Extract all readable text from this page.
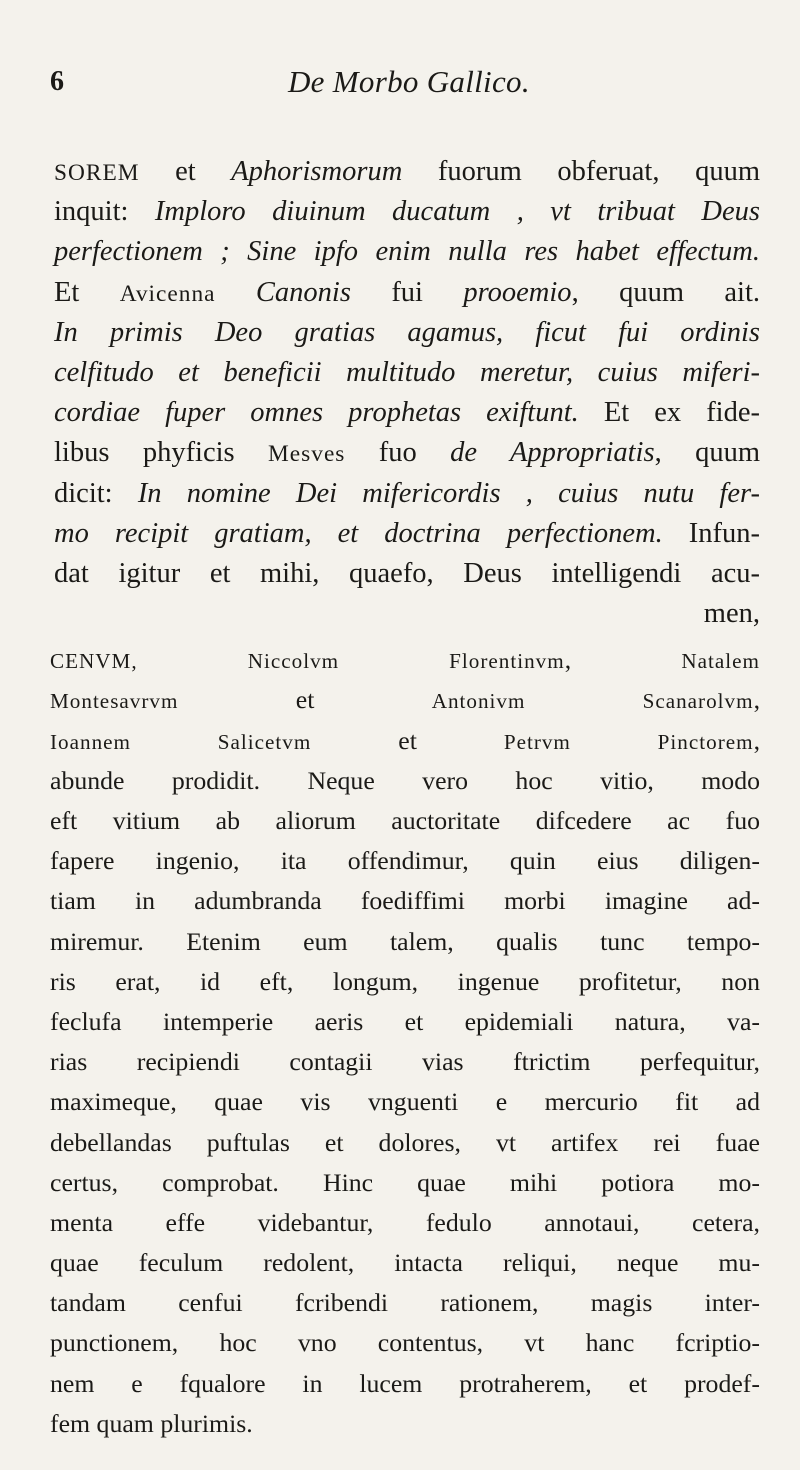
6	De Morbo Gallico.
SOREM et Aphorismorum fuorum obferuat, quum
inquit: Imploro diuinum ducatum , vt tribuat Deus
perfectionem ; Sine ipfo enim nulla res habet effectum.
Et Avicenna Canonis fui prooemio, quum ait.
In primis Deo gratias agamus, ficut fui ordinis
celfitudo et beneficii multitudo meretur, cuius miferi-
cordiae fuper omnes prophetas exiftunt. Et ex fide-
libus phyficis Mesves fuo de Appropriatis, quum
dicit: In nomine Dei mifericordis , cuius nutu fer-
mo recipit gratiam, et doctrina perfectionem. Infun-
dat igitur et mihi, quaefo, Deus intelligendi acu-
men,
CENVM, Niccolvm Florentinvm, Natalem
Montesavrvm et Antonivm Scanarolvm,
Ioannem Salicetvm et Petrvm Pinctorem,
abunde prodidit. Neque vero hoc vitio, modo
eft vitium ab aliorum auctoritate difcedere ac fuo
fapere ingenio, ita offendimur, quin eius diligen-
tiam in adumbranda foediffimi morbi imagine ad-
miremur. Etenim eum talem, qualis tunc tempo-
ris erat, id eft, longum, ingenue profitetur, non
feclufa intemperie aeris et epidemiali natura, va-
rias recipiendi contagii vias ftrictim perfequitur,
maximeque, quae vis vnguenti e mercurio fit ad
debellandas puftulas et dolores, vt artifex rei fuae
certus, comprobat. Hinc quae mihi potiora mo-
menta effe videbantur, fedulo annotaui, cetera,
quae feculum redolent, intacta reliqui, neque mu-
tandam cenfui fcribendi rationem, magis inter-
punctionem, hoc vno contentus, vt hanc fcriptio-
nem e fqualore in lucem protraherem, et prodef-
fem quam plurimis.
